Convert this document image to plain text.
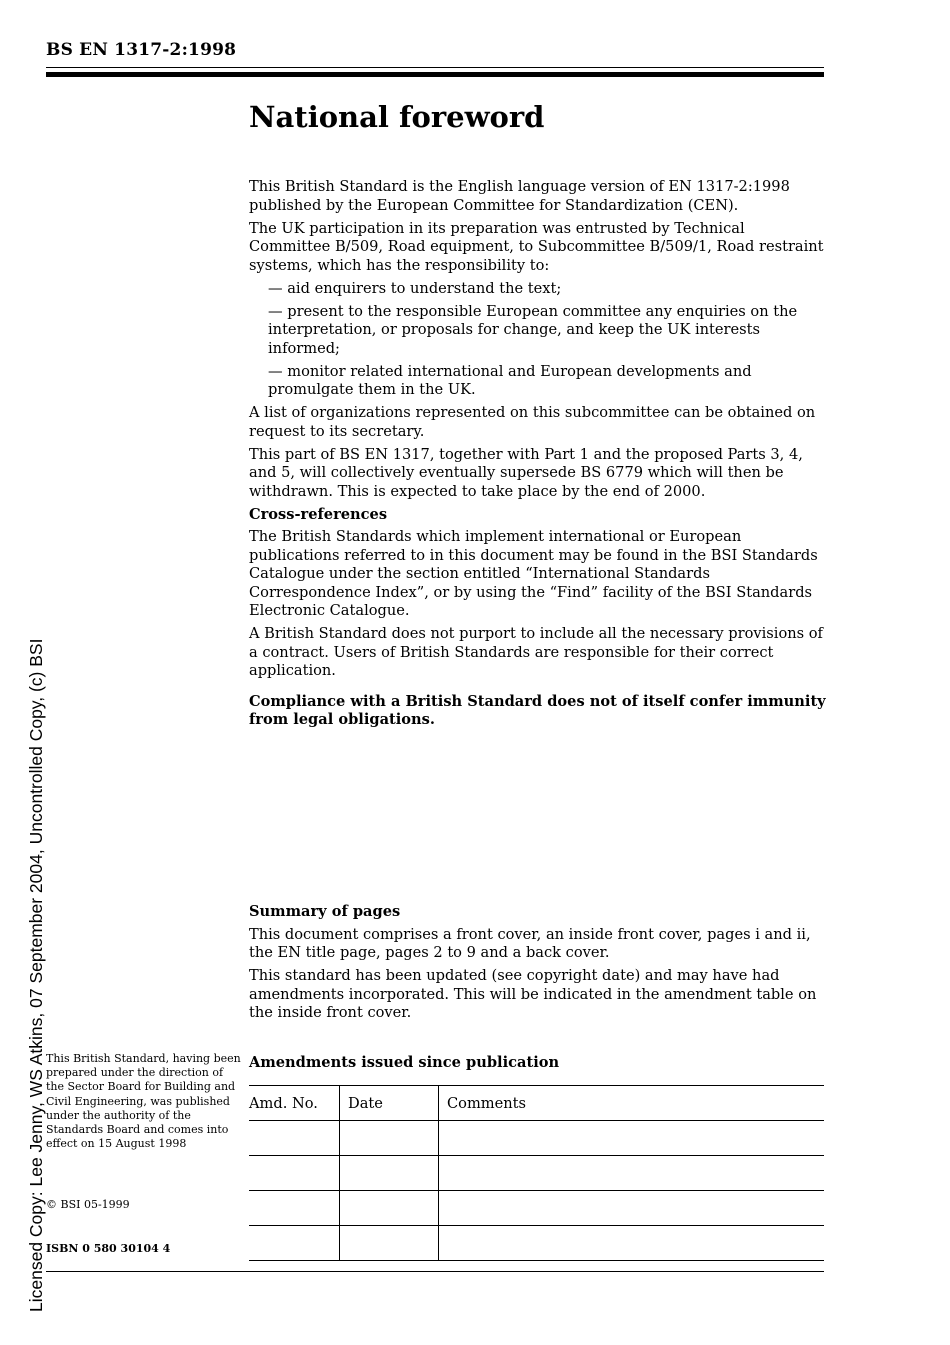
BS EN 1317-2:1998
National foreword

This British Standard is the English language version of EN 1317-2:1998 published by the European Committee for Standardization (CEN).

The UK participation in its preparation was entrusted by Technical Committee B/509, Road equipment, to Subcommittee B/509/1, Road restraint systems, which has the responsibility to:

— aid enquirers to understand the text;

— present to the responsible European committee any enquiries on the interpretation, or proposals for change, and keep the UK interests informed;

— monitor related international and European developments and promulgate them in the UK.

A list of organizations represented on this subcommittee can be obtained on request to its secretary.

This part of BS EN 1317, together with Part 1 and the proposed Parts 3, 4, and 5, will collectively eventually supersede BS 6779 which will then be withdrawn. This is expected to take place by the end of 2000.

Cross-references

The British Standards which implement international or European publications referred to in this document may be found in the BSI Standards Catalogue under the section entitled “International Standards Correspondence Index”, or by using the “Find” facility of the BSI Standards Electronic Catalogue.

A British Standard does not purport to include all the necessary provisions of a contract. Users of British Standards are responsible for their correct application.

Compliance with a British Standard does not of itself confer immunity from legal obligations.

Summary of pages

This document comprises a front cover, an inside front cover, pages i and ii, the EN title page, pages 2 to 9 and a back cover.

This standard has been updated (see copyright date) and may have had amendments incorporated. This will be indicated in the amendment table on the inside front cover.

Licensed Copy: Lee Jenny, WS Atkins, 07 September 2004, Uncontrolled Copy, (c) BSI This British Standard, having been prepared under the direction of the Sector Board for Building and Civil Engineering, was published under the authority of the Standards Board and comes into effect on 15 August 1998
© BSI 05-1999
ISBN 0 580 30104 4
Amendments issued since publication
Amd. No.	Date	Comments
